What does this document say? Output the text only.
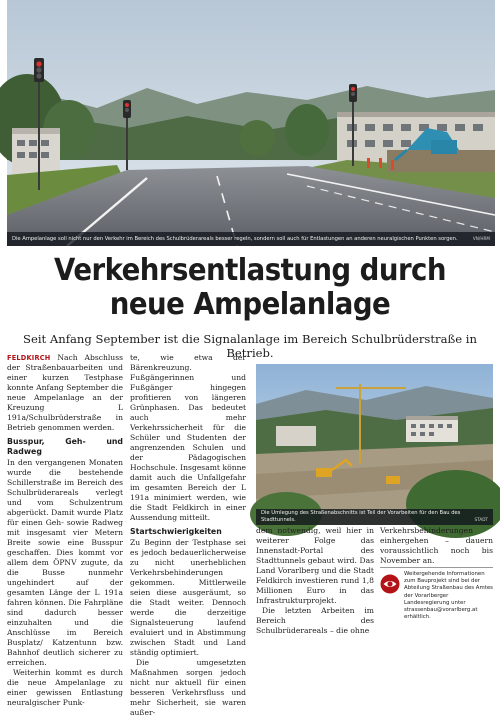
Die Ampelanlage soll nicht nur den Verkehr im Bereich des Schulbrüderareals besser regeln, sondern soll auch für Entlastungen an anderen neuralgischen Punkten sorgen.	VN/HRM
Verkehrsentlastung durch
neue Ampelanlage
Seit Anfang September ist die Signalanlage im Bereich Schulbrüderstraße in Betrieb.

FELDKIRCH Nach Abschluss der Straßenbauarbeiten und einer kurzen Testphase konnte Anfang September die neue Ampelanlage an der Kreuzung L 191a/Schulbrüderstraße in Betrieb genommen werden.

Busspur, Geh- und Radweg

In den vergangenen Monaten wurde die bestehende Schillerstraße im Bereich des Schulbrüderareals verlegt und vom Schulzentrum abgerückt. Damit wurde Platz für einen Geh- sowie Radweg mit insgesamt vier Metern Breite sowie eine Busspur geschaffen. Dies kommt vor allem dem ÖPNV zugute, da die Busse nunmehr ungehindert auf der gesamten Länge der L 191a fahren können. Die Fahrpläne sind dadurch besser einzuhalten und die Anschlüsse im Bereich Busplatz/ Katzentunn bzw. Bahnhof deutlich sicherer zu erreichen.

Weiterhin kommt es durch die neue Ampelanlage zu einer gewissen Entlastung neuralgischer Punk-

te, wie etwa der Bärenkreuzung. Fußgängerinnen und Fußgänger hingegen profitieren von längeren Grünphasen. Das bedeutet auch mehr Verkehrssicherheit für die Schüler und Studenten der angrenzenden Schulen und der Pädagogischen Hochschule. Insgesamt könne damit auch die Unfallgefahr im gesamten Bereich der L 191a minimiert werden, wie die Stadt Feldkirch in einer Aussendung mitteilt.

Startschwierigkeiten

Zu Beginn der Testphase sei es jedoch bedauerlicherweise zu nicht unerheblichen Verkehrsbehinderungen gekommen. Mittlerweile seien diese ausgeräumt, so die Stadt weiter. Dennoch werde die derzeitige Signalsteuerung laufend evaluiert und in Abstimmung zwischen Stadt und Land ständig optimiert.

Die umgesetzten Maßnahmen sorgen jedoch nicht nur aktuell für einen besseren Verkehrsfluss und mehr Sicherheit, sie waren außer-

Die Umlegung des Straßenabschnitts ist Teil der Vorarbeiten für den Bau des Stadttunnels.	STADT

dem notwendig, weil hier in weiterer Folge das Innenstadt-Portal des Stadttunnels gebaut wird. Das Land Vorarlberg und die Stadt Feldkirch investieren rund 1,8 Millionen Euro in das Infrastrukturprojekt.

Die letzten Arbeiten im Bereich des Schulbrüderareals – die ohne

Verkehrsbehinderungen einhergehen – dauern voraussichtlich noch bis November an.

Weitergehende Informationen zum Bauprojekt sind bei der Abteilung Straßenbau des Amtes der Vorarlberger Landesregierung unter strassenbau@vorarlberg.at erhältlich.
